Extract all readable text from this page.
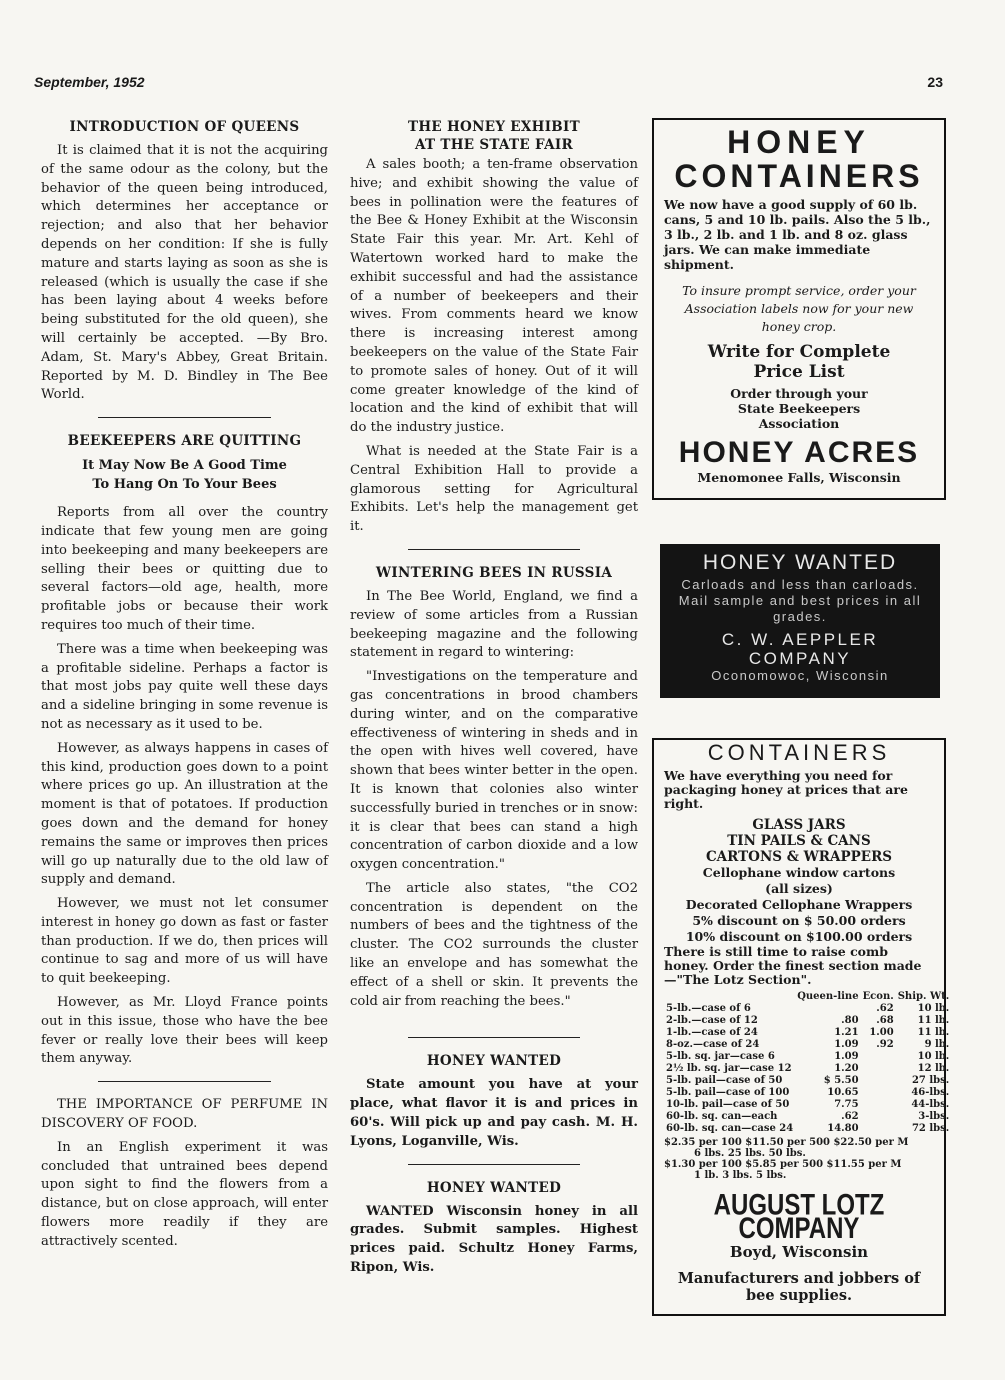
September, 1952	23
INTRODUCTION OF QUEENS

It is claimed that it is not the acquiring of the same odour as the colony, but the behavior of the queen being introduced, which determines her acceptance or rejection; and also that her behavior depends on her condition: If she is fully mature and starts laying as soon as she is released (which is usually the case if she has been laying about 4 weeks before being substituted for the old queen), she will certainly be accepted. —By Bro. Adam, St. Mary's Abbey, Great Britain. Reported by M. D. Bindley in The Bee World.

BEEKEEPERS ARE QUITTING
It May Now Be A Good Time
To Hang On To Your Bees

Reports from all over the country indicate that few young men are going into beekeeping and many beekeepers are selling their bees or quitting due to several factors—old age, health, more profitable jobs or because their work requires too much of their time.

There was a time when beekeeping was a profitable sideline. Perhaps a factor is that most jobs pay quite well these days and a sideline bringing in some revenue is not as necessary as it used to be.

However, as always happens in cases of this kind, production goes down to a point where prices go up. An illustration at the moment is that of potatoes. If production goes down and the demand for honey remains the same or improves then prices will go up naturally due to the old law of supply and demand.

However, we must not let consumer interest in honey go down as fast or faster than production. If we do, then prices will continue to sag and more of us will have to quit beekeeping.

However, as Mr. Lloyd France points out in this issue, those who have the bee fever or really love their bees will keep them anyway.

THE IMPORTANCE OF PERFUME IN DISCOVERY OF FOOD.

In an English experiment it was concluded that untrained bees depend upon sight to find the flowers from a distance, but on close approach, will enter flowers more readily if they are attractively scented.

THE HONEY EXHIBIT
AT THE STATE FAIR

A sales booth; a ten-frame observation hive; and exhibit showing the value of bees in pollination were the features of the Bee & Honey Exhibit at the Wisconsin State Fair this year. Mr. Art. Kehl of Watertown worked hard to make the exhibit successful and had the assistance of a number of beekeepers and their wives. From comments heard we know there is increasing interest among beekeepers on the value of the State Fair to promote sales of honey. Out of it will come greater knowledge of the kind of location and the kind of exhibit that will do the industry justice.

What is needed at the State Fair is a Central Exhibition Hall to provide a glamorous setting for Agricultural Exhibits. Let's help the management get it.

WINTERING BEES IN RUSSIA

In The Bee World, England, we find a review of some articles from a Russian beekeeping magazine and the following statement in regard to wintering:

"Investigations on the temperature and gas concentrations in brood chambers during winter, and on the comparative effectiveness of wintering in sheds and in the open with hives well covered, have shown that bees winter better in the open. It is known that colonies also winter successfully buried in trenches or in snow: it is clear that bees can stand a high concentration of carbon dioxide and a low oxygen concentration."

The article also states, "the CO2 concentration is dependent on the numbers of bees and the tightness of the cluster. The CO2 surrounds the cluster like an envelope and has somewhat the effect of a shell or skin. It prevents the cold air from reaching the bees."

HONEY WANTED

State amount you have at your place, what flavor it is and prices in 60's. Will pick up and pay cash. M. H. Lyons, Loganville, Wis.

HONEY WANTED

WANTED Wisconsin honey in all grades. Submit samples. Highest prices paid. Schultz Honey Farms, Ripon, Wis.

HONEY
CONTAINERS
We now have a good supply of 60 lb. cans, 5 and 10 lb. pails. Also the 5 lb., 3 lb., 2 lb. and 1 lb. and 8 oz. glass jars. We can make immediate shipment.
To insure prompt service, order your Association labels now for your new honey crop.
Write for Complete Price List
Order through your State Beekeepers Association
HONEY ACRES
Menomonee Falls, Wisconsin
HONEY WANTED
Carloads and less than carloads. Mail sample and best prices in all grades.
C. W. AEPPLER COMPANY
Oconomowoc, Wisconsin
CONTAINERS
We have everything you need for packaging honey at prices that are right.
GLASS JARS
TIN PAILS & CANS
CARTONS & WRAPPERS
Cellophane window cartons
(all sizes)
Decorated Cellophane Wrappers
5% discount on $ 50.00 orders
10% discount on $100.00 orders
There is still time to raise comb honey. Order the finest section made —"The Lotz Section".
	Queen-line	Econ.	Ship. Wt.
5-lb.—case of 6		.62	10 lb.
2-lb.—case of 12	.80	.68	11 lb.
1-lb.—case of 24	1.21	1.00	11 lb.
8-oz.—case of 24	1.09	.92	9 lb.
5-lb. sq. jar—case 6	1.09		10 lb.
2½ lb. sq. jar—case 12	1.20		12 lb.
5-lb. pail—case of 50	$ 5.50		27 lbs.
5-lb. pail—case of 100	10.65		46-lbs.
10-lb. pail—case of 50	7.75		44-lbs.
60-lb. sq. can—each	.62		3-lbs.
60-lb. sq. can—case 24	14.80		72 lbs.
$2.35 per 100 $11.50 per 500 $22.50 per M
6 lbs. 25 lbs. 50 lbs.
$1.30 per 100 $5.85 per 500 $11.55 per M
1 lb. 3 lbs. 5 lbs.
AUGUST LOTZ COMPANY
Boyd, Wisconsin
Manufacturers and jobbers of bee supplies.
